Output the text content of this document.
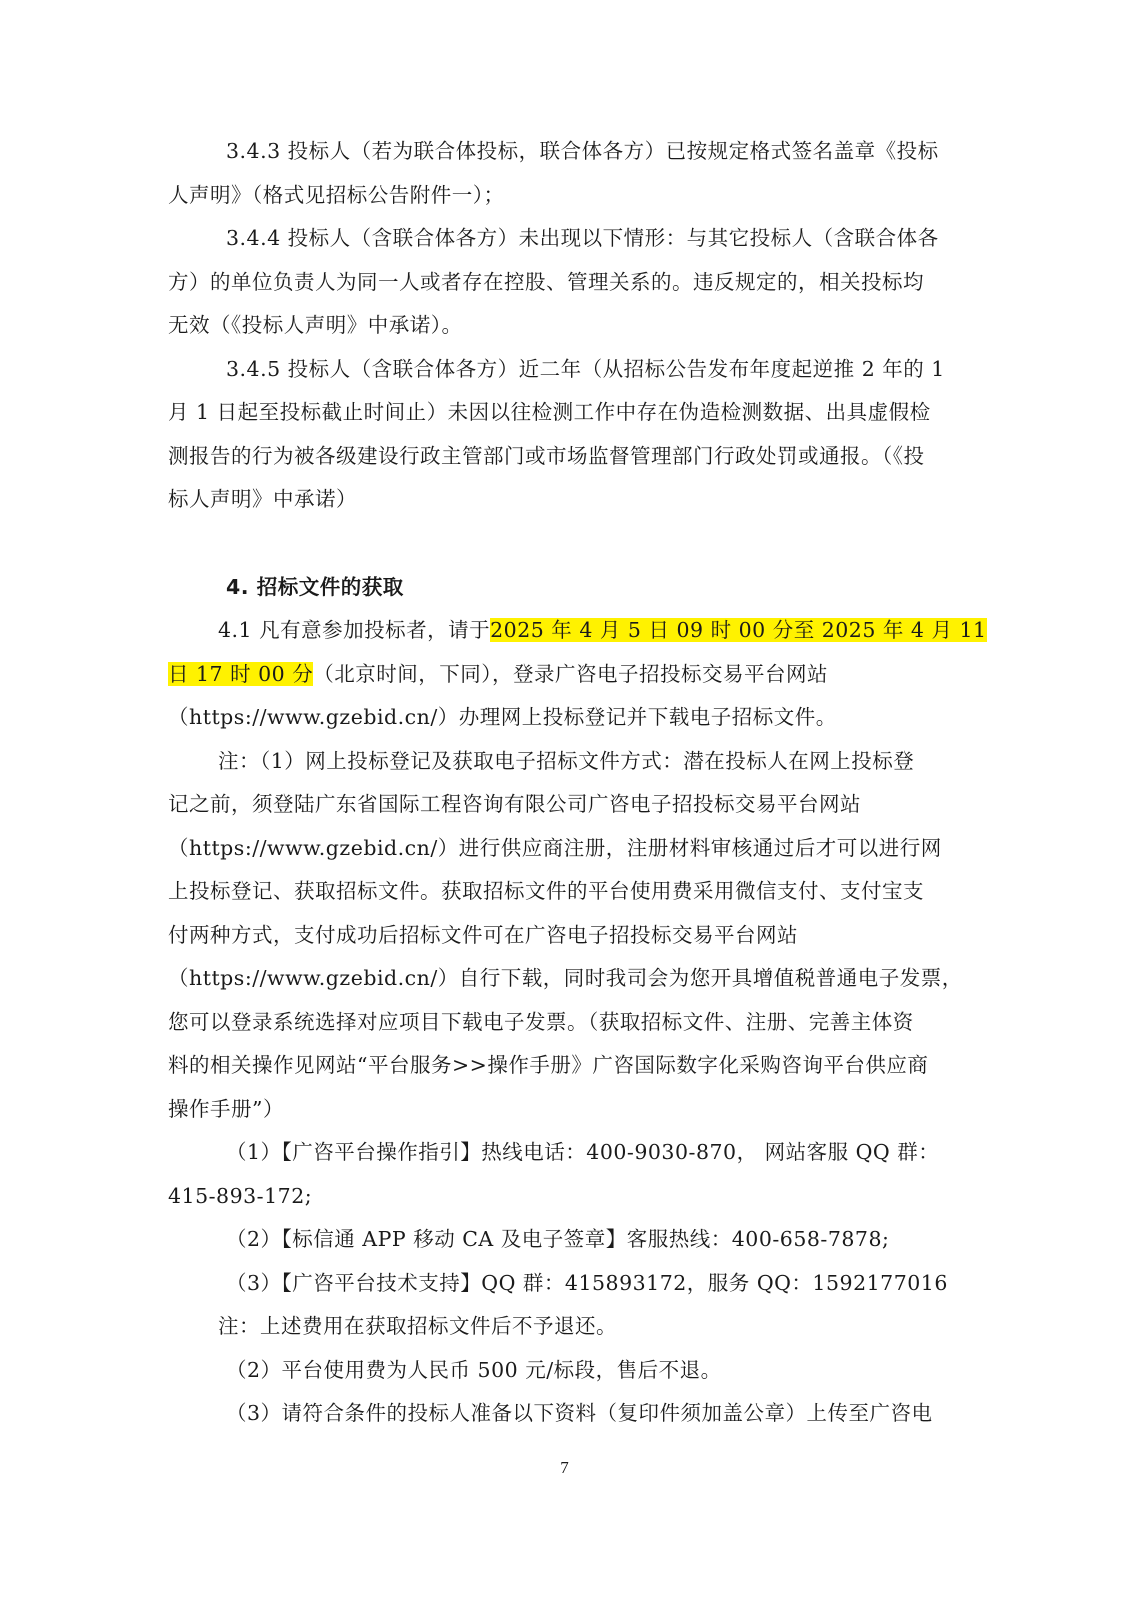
3.4.3 投标人（若为联合体投标，联合体各方）已按规定格式签名盖章《投标
人声明》（格式见招标公告附件一）；
3.4.4 投标人（含联合体各方）未出现以下情形：与其它投标人（含联合体各
方）的单位负责人为同一人或者存在控股、管理关系的。违反规定的，相关投标均
无效（《投标人声明》中承诺）。
3.4.5 投标人（含联合体各方）近二年（从招标公告发布年度起逆推 2 年的 1
月 1 日起至投标截止时间止）未因以往检测工作中存在伪造检测数据、出具虚假检
测报告的行为被各级建设行政主管部门或市场监督管理部门行政处罚或通报。（《投
标人声明》中承诺）
4. 招标文件的获取
4.1 凡有意参加投标者，请于2025 年 4 月 5 日 09 时 00 分至 2025 年 4 月 11
日 17 时 00 分（北京时间，下同），登录广咨电子招投标交易平台网站
（https://www.gzebid.cn/）办理网上投标登记并下载电子招标文件。
注：（1）网上投标登记及获取电子招标文件方式：潜在投标人在网上投标登
记之前，须登陆广东省国际工程咨询有限公司广咨电子招投标交易平台网站
（https://www.gzebid.cn/）进行供应商注册，注册材料审核通过后才可以进行网
上投标登记、获取招标文件。获取招标文件的平台使用费采用微信支付、支付宝支
付两种方式，支付成功后招标文件可在广咨电子招投标交易平台网站
（https://www.gzebid.cn/）自行下载，同时我司会为您开具增值税普通电子发票，
您可以登录系统选择对应项目下载电子发票。（获取招标文件、注册、完善主体资
料的相关操作见网站“平台服务>>操作手册》广咨国际数字化采购咨询平台供应商
操作手册”）
（1）【广咨平台操作指引】热线电话：400-9030-870， 网站客服 QQ 群：
415-893-172;
（2）【标信通 APP 移动 CA 及电子签章】客服热线：400-658-7878;
（3）【广咨平台技术支持】QQ 群：415893172，服务 QQ：1592177016
注：上述费用在获取招标文件后不予退还。
（2）平台使用费为人民币 500 元/标段，售后不退。
（3）请符合条件的投标人准备以下资料（复印件须加盖公章）上传至广咨电
7
